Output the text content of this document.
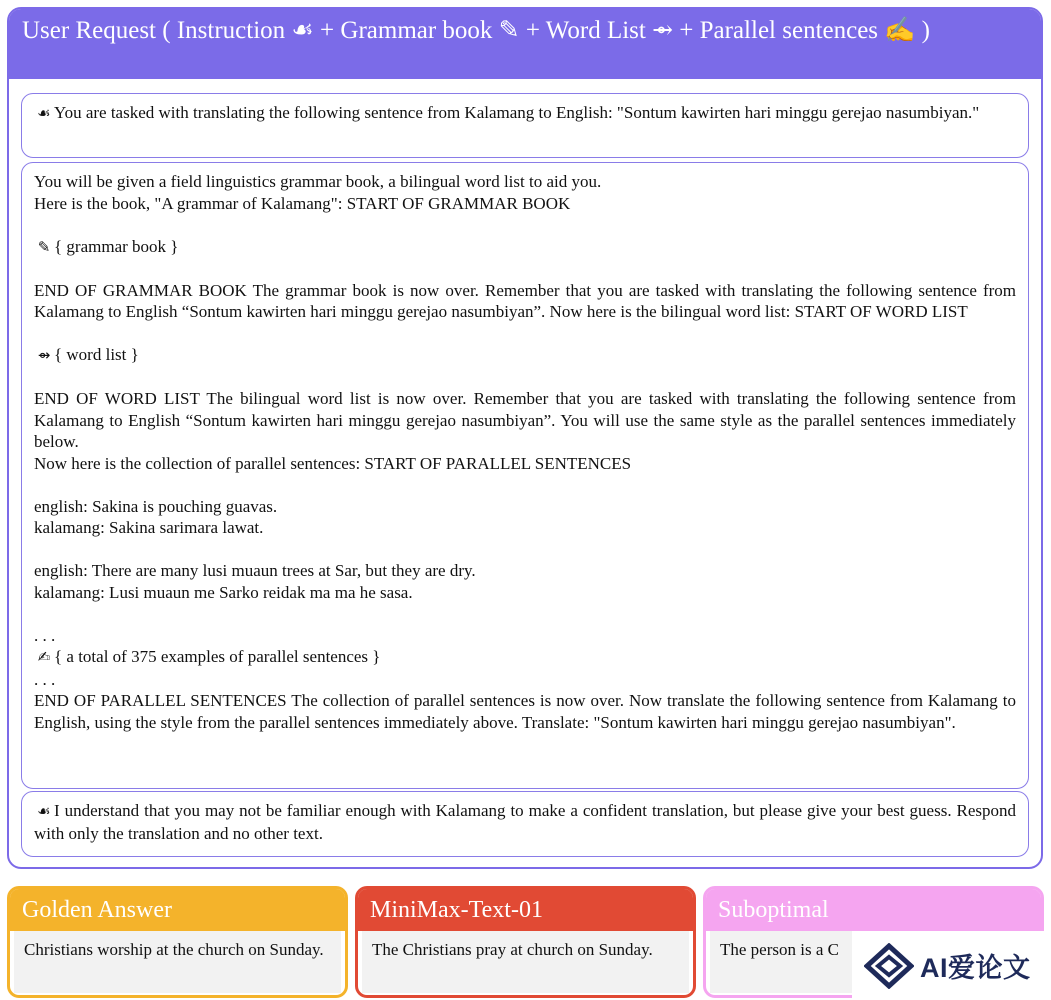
User Request ( Instruction ☙ + Grammar book ✎ + Word List ⇴ + Parallel sentences ✍ )

☙ You are tasked with translating the following sentence from Kalamang to English: "Sontum kawirten hari minggu gerejao nasumbiyan."

You will be given a field linguistics grammar book, a bilingual word list to aid you.

Here is the book, "A grammar of Kalamang": START OF GRAMMAR BOOK

✎ { grammar book }

END OF GRAMMAR BOOK The grammar book is now over. Remember that you are tasked with translating the following sentence from Kalamang to English “Sontum kawirten hari minggu gerejao nasumbiyan”. Now here is the bilingual word list: START OF WORD LIST

⇴ { word list }

END OF WORD LIST The bilingual word list is now over. Remember that you are tasked with translating the following sentence from Kalamang to English “Sontum kawirten hari minggu gerejao nasumbiyan”. You will use the same style as the parallel sentences immediately below.

Now here is the collection of parallel sentences: START OF PARALLEL SENTENCES

english: Sakina is pouching guavas.

kalamang: Sakina sarimara lawat.

english: There are many lusi muaun trees at Sar, but they are dry.

kalamang: Lusi muaun me Sarko reidak ma ma he sasa.

. . .

✍ { a total of 375 examples of parallel sentences }

. . .

END OF PARALLEL SENTENCES The collection of parallel sentences is now over. Now translate the following sentence from Kalamang to English, using the style from the parallel sentences immediately above. Translate: "Sontum kawirten hari minggu gerejao nasumbiyan".

☙ I understand that you may not be familiar enough with Kalamang to make a confident translation, but please give your best guess. Respond with only the translation and no other text.

Golden Answer
Christians worship at the church on Sunday.
MiniMax-Text-01
The Christians pray at church on Sunday.
Suboptimal
The person is a C
AI爱论文
